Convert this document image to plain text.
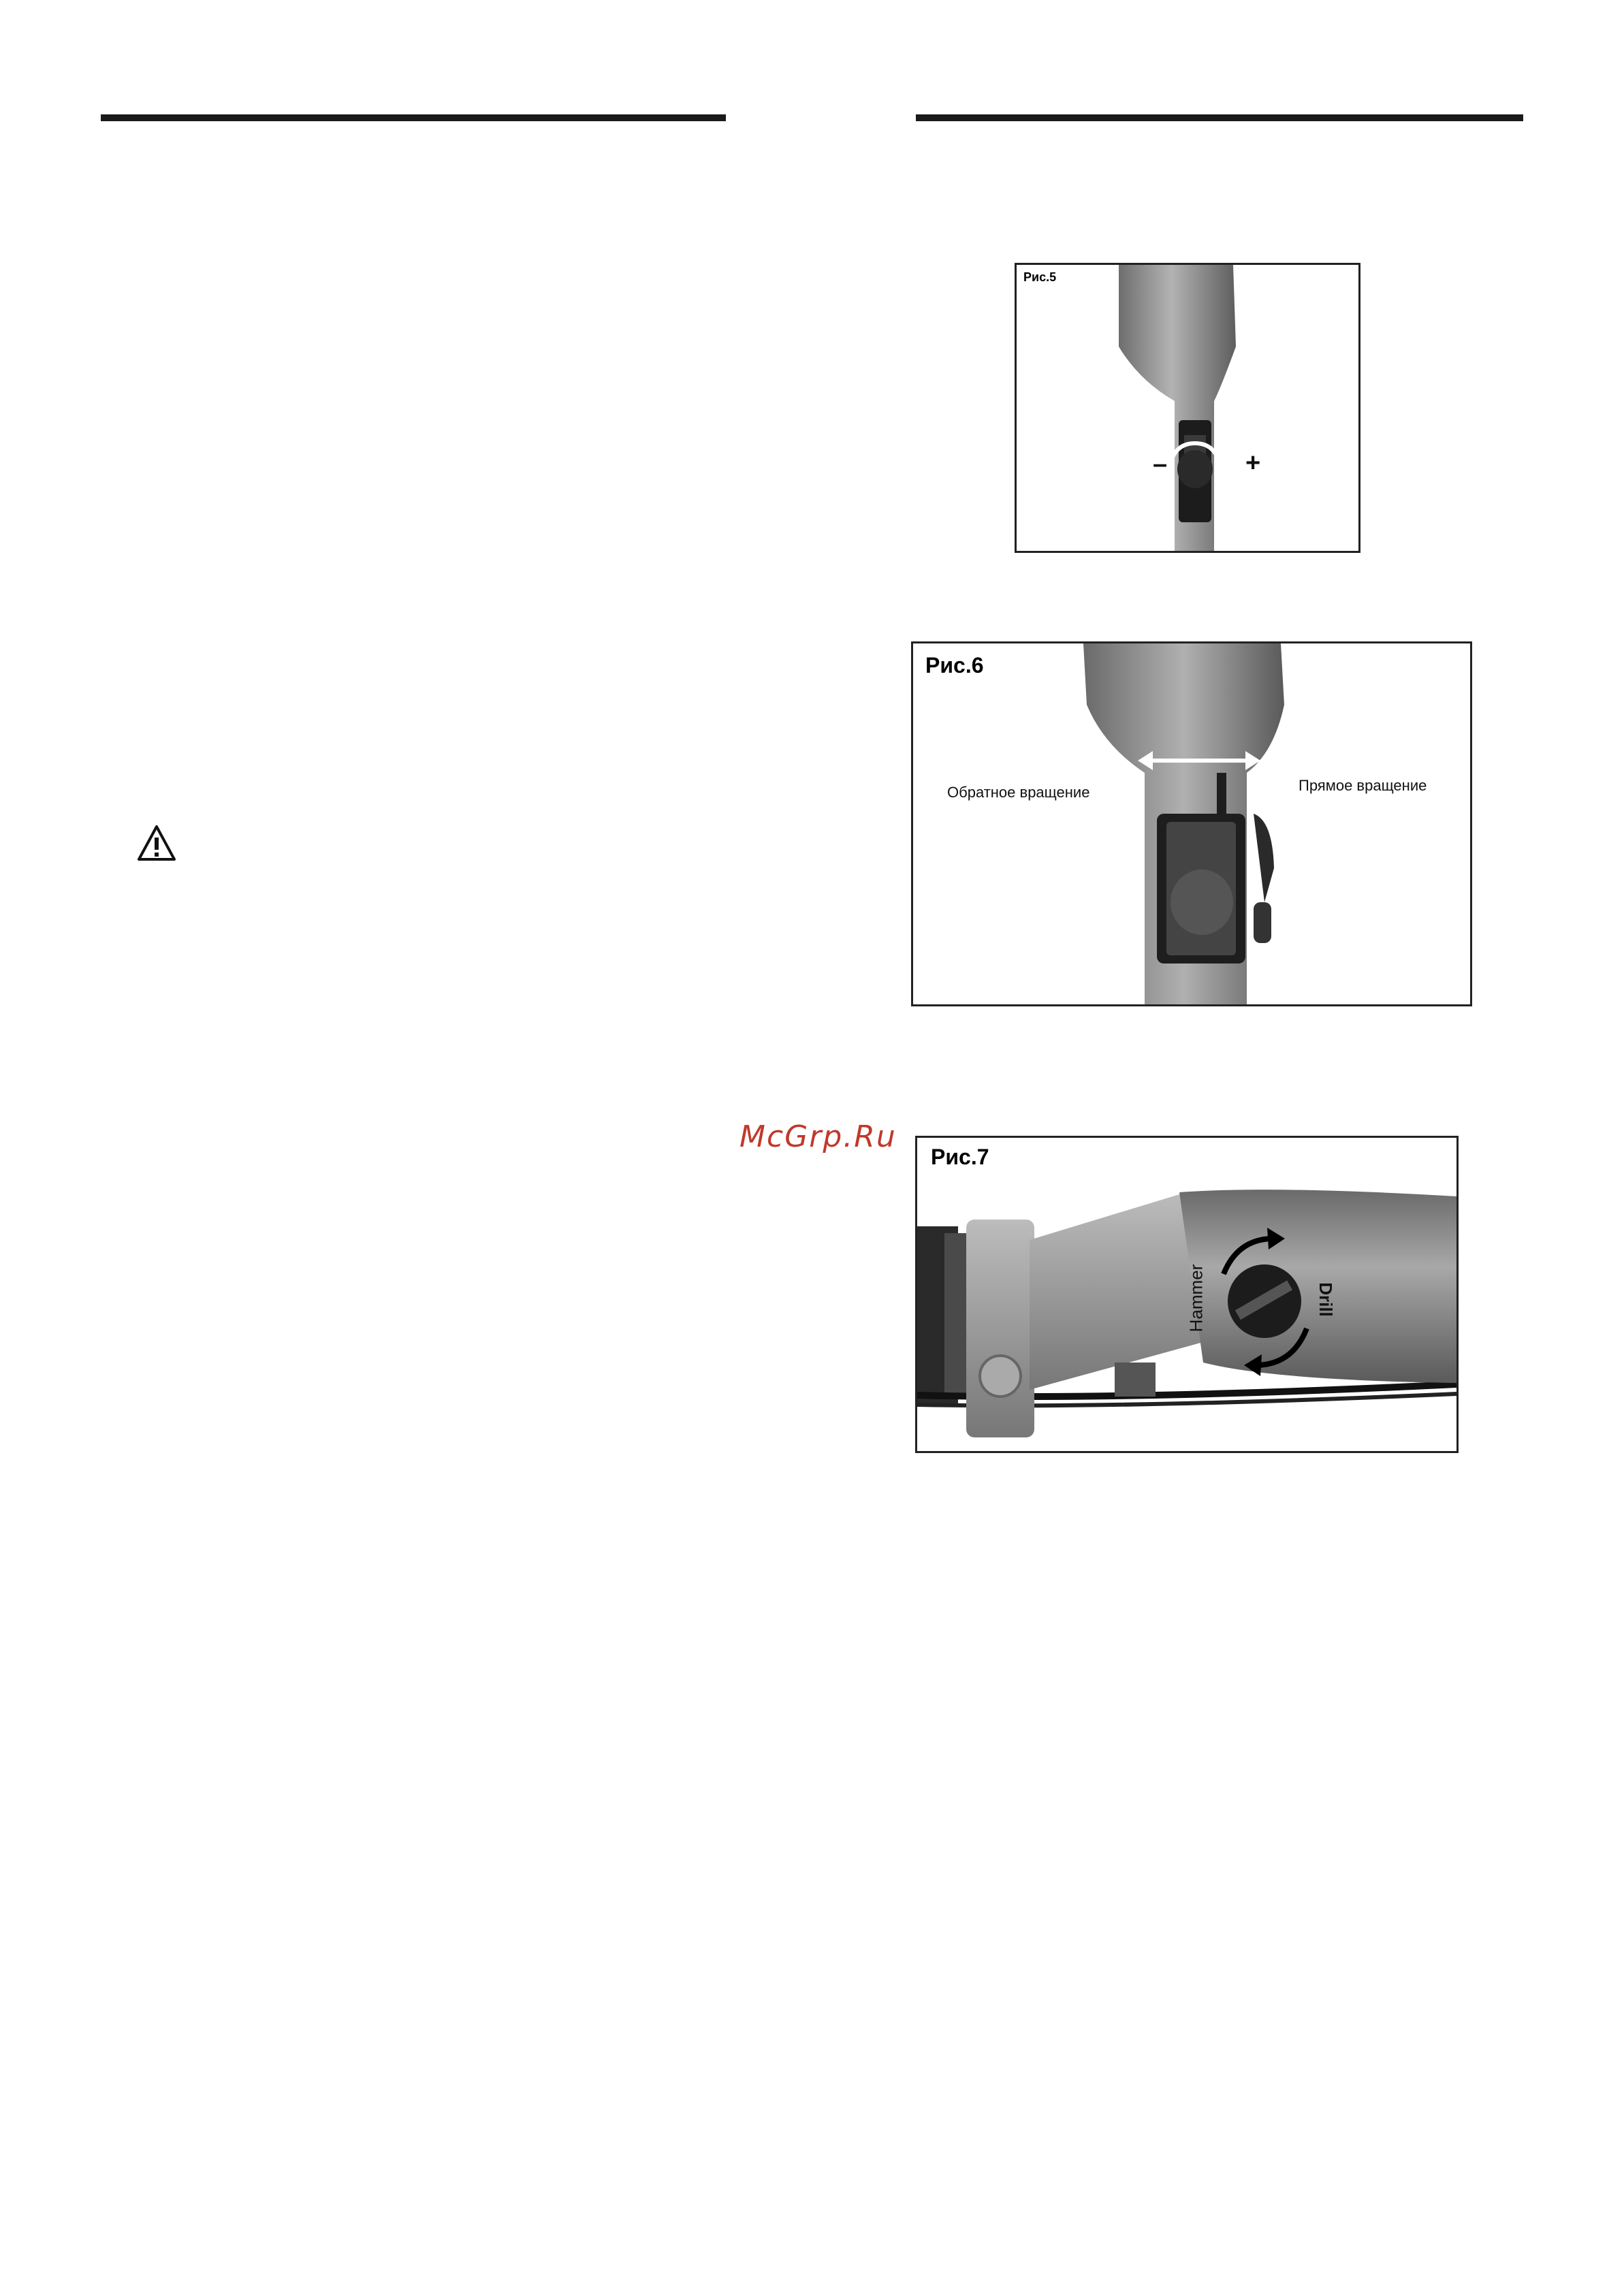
McGrp.Ru
Рис.5
–	+
Рис.6
Обратное вращение	Прямое вращение
Рис.7
Hammer	Drill
